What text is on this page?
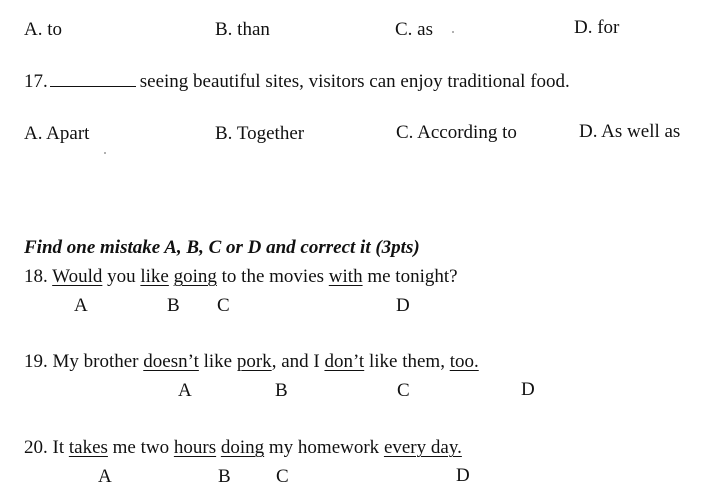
A. to	B. than	C. as	D. for
17.	seeing beautiful sites, visitors can enjoy traditional food.
A. Apart	B. Together	C. According to	D. As well as
Find one mistake A, B, C or D and correct it (3pts)
18. Would you like going to the movies with me tonight?
A	B C	D
19. My brother doesn’t like pork, and I don’t like them, too.
A	B	C	D
20. It takes me two hours doing my homework every day.
A	B C	D
